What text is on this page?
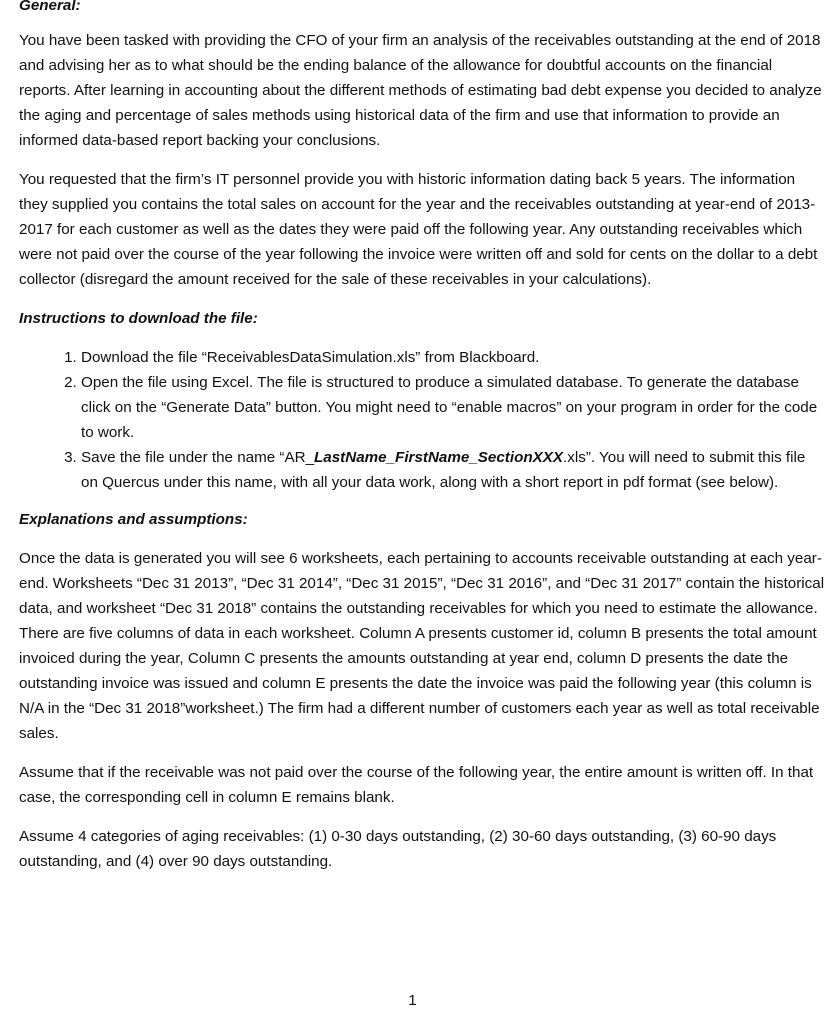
General:

You have been tasked with providing the CFO of your firm an analysis of the receivables outstanding at the end of 2018 and advising her as to what should be the ending balance of the allowance for doubtful accounts on the financial reports. After learning in accounting about the different methods of estimating bad debt expense you decided to analyze the aging and percentage of sales methods using historical data of the firm and use that information to provide an informed data-based report backing your conclusions.

You requested that the firm’s IT personnel provide you with historic information dating back 5 years. The information they supplied you contains the total sales on account for the year and the receivables outstanding at year-end of 2013-2017 for each customer as well as the dates they were paid off the following year. Any outstanding receivables which were not paid over the course of the year following the invoice were written off and sold for cents on the dollar to a debt collector (disregard the amount received for the sale of these receivables in your calculations).

Instructions to download the file:

1. Download the file “ReceivablesDataSimulation.xls” from Blackboard.
2. Open the file using Excel. The file is structured to produce a simulated database. To generate the database click on the “Generate Data” button. You might need to “enable macros” on your program in order for the code to work.
3. Save the file under the name “AR_LastName_FirstName_SectionXXX.xls”. You will need to submit this file on Quercus under this name, with all your data work, along with a short report in pdf format (see below).

Explanations and assumptions:

Once the data is generated you will see 6 worksheets, each pertaining to accounts receivable outstanding at each year-end. Worksheets “Dec 31 2013”, “Dec 31 2014”, “Dec 31 2015”, “Dec 31 2016”, and “Dec 31 2017” contain the historical data, and worksheet “Dec 31 2018” contains the outstanding receivables for which you need to estimate the allowance. There are five columns of data in each worksheet. Column A presents customer id, column B presents the total amount invoiced during the year, Column C presents the amounts outstanding at year end, column D presents the date the outstanding invoice was issued and column E presents the date the invoice was paid the following year (this column is N/A in the “Dec 31 2018”worksheet.) The firm had a different number of customers each year as well as total receivable sales.

Assume that if the receivable was not paid over the course of the following year, the entire amount is written off. In that case, the corresponding cell in column E remains blank.

Assume 4 categories of aging receivables: (1) 0-30 days outstanding, (2) 30-60 days outstanding, (3) 60-90 days outstanding, and (4) over 90 days outstanding.

1
